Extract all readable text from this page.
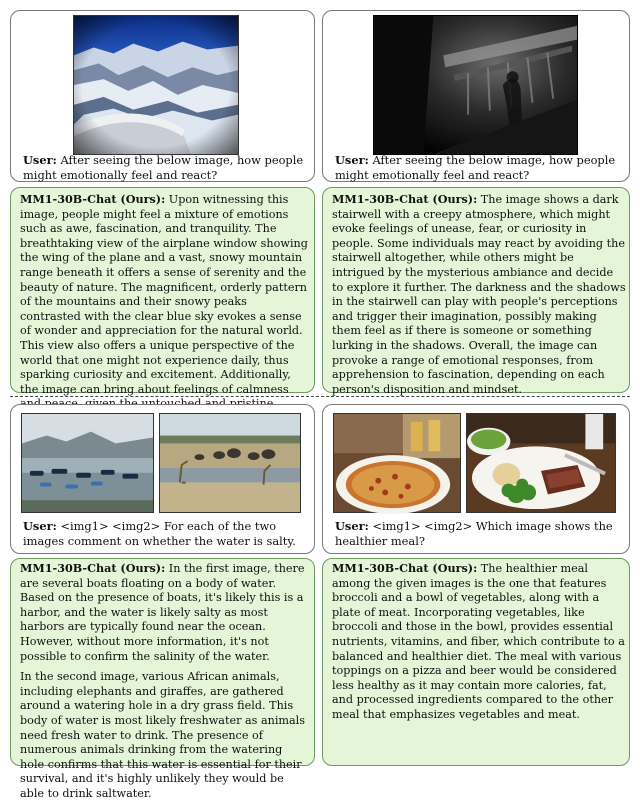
User: After seeing the below image, how people might emotionally feel and react?

MM1-30B-Chat (Ours): Upon witnessing this image, people might feel a mixture of emotions such as awe, fascination, and tranquility. The breathtaking view of the airplane window showing the wing of the plane and a vast, snowy mountain range beneath it offers a sense of serenity and the beauty of nature. The magnificent, orderly pattern of the mountains and their snowy peaks contrasted with the clear blue sky evokes a sense of wonder and appreciation for the natural world. This view also offers a unique perspective of the world that one might not experience daily, thus sparking curiosity and excitement. Additionally, the image can bring about feelings of calmness

User: After seeing the below image, how people might emotionally feel and react?

MM1-30B-Chat (Ours): The image shows a dark stairwell with a creepy atmosphere, which might evoke feelings of unease, fear, or curiosity in people. Some individuals may react by avoiding the stairwell altogether, while others might be intrigued by the mysterious ambiance and decide to explore it further. The darkness and the shadows in the stairwell can play with people's perceptions and trigger their imagination, possibly making them feel as if there is someone or something lurking in the shadows. Overall, the image can provoke a range of emotional responses, from apprehension to fascination, depending on each person's disposition and mindset.

User: <img1> <img2> For each of the two images comment on whether the water is salty.

MM1-30B-Chat (Ours): In the first image, there are several boats floating on a body of water. Based on the presence of boats, it's likely this is a harbor, and the water is likely salty as most harbors are typically found near the ocean. However, without more information, it's not possible to confirm the salinity of the water.

In the second image, various African animals, including elephants and giraffes, are gathered around a watering hole in a dry grass field. This body of water is most likely freshwater as animals need fresh water to drink. The presence of numerous animals drinking from the watering hole confirms that this water is essential for their survival, and it's highly unlikely they would be able to drink saltwater.

User: <img1> <img2> Which image shows the healthier meal?

MM1-30B-Chat (Ours): The healthier meal among the given images is the one that features broccoli and a bowl of vegetables, along with a plate of meat. Incorporating vegetables, like broccoli and those in the bowl, provides essential nutrients, vitamins, and fiber, which contribute to a balanced and healthier diet. The meal with various toppings on a pizza and beer would be considered less healthy as it may contain more calories, fat, and processed ingredients compared to the other meal that emphasizes vegetables and meat.
